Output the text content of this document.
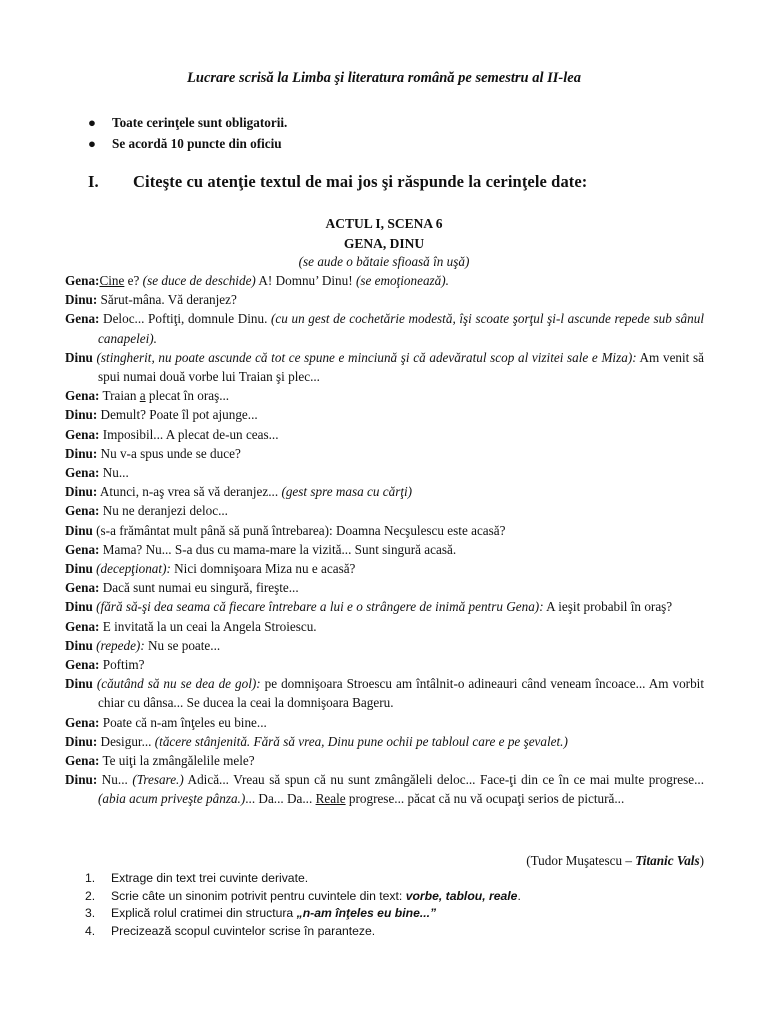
Lucrare scrisă la Limba şi literatura română pe semestru al II-lea
● Toate cerinţele sunt obligatorii.
● Se acordă 10 puncte din oficiu
I. Citeşte cu atenţie textul de mai jos şi răspunde la cerinţele date:
ACTUL I, SCENA 6
GENA, DINU
(se aude o bătaie sfioasă în uşă)

Gena:Cine e? (se duce de deschide) A! Domnu’ Dinu! (se emoţionează).

Dinu: Sărut-mâna. Vă deranjez?

Gena: Deloc... Poftiţi, domnule Dinu. (cu un gest de cochetărie modestă, îşi scoate şorţul şi-l ascunde repede sub sânul canapelei).

Dinu (stingherit, nu poate ascunde că tot ce spune e minciună şi că adevăratul scop al vizitei sale e Miza): Am venit să spui numai două vorbe lui Traian şi plec...

Gena: Traian a plecat în oraş...

Dinu: Demult? Poate îl pot ajunge...

Gena: Imposibil... A plecat de-un ceas...

Dinu: Nu v-a spus unde se duce?

Gena: Nu...

Dinu: Atunci, n-aş vrea să vă deranjez... (gest spre masa cu cărţi)

Gena: Nu ne deranjezi deloc...

Dinu (s-a frământat mult până să pună întrebarea): Doamna Necşulescu este acasă?

Gena: Mama? Nu... S-a dus cu mama-mare la vizită... Sunt singură acasă.

Dinu (decepţionat): Nici domnişoara Miza nu e acasă?

Gena: Dacă sunt numai eu singură, fireşte...

Dinu (fără să-şi dea seama că fiecare întrebare a lui e o strângere de inimă pentru Gena): A ieşit probabil în oraş?

Gena: E invitată la un ceai la Angela Stroiescu.

Dinu (repede): Nu se poate...

Gena: Poftim?

Dinu (căutând să nu se dea de gol): pe domnişoara Stroescu am întâlnit-o adineauri când veneam încoace... Am vorbit chiar cu dânsa... Se ducea la ceai la domnişoara Bageru.

Gena: Poate că n-am înţeles eu bine...

Dinu: Desigur... (tăcere stânjenită. Fără să vrea, Dinu pune ochii pe tabloul care e pe şevalet.)

Gena: Te uiţi la zmângălelile mele?

Dinu: Nu... (Tresare.) Adică... Vreau să spun că nu sunt zmângăleli deloc... Face-ţi din ce în ce mai multe progrese... (abia acum priveşte pânza.)... Da... Da... Reale progrese... păcat că nu vă ocupaţi serios de pictură...

(Tudor Muşatescu – Titanic Vals)
1. Extrage din text trei cuvinte derivate.
2. Scrie câte un sinonim potrivit pentru cuvintele din text: vorbe, tablou, reale.
3. Explică rolul cratimei din structura „n-am înţeles eu bine...”
4. Precizează scopul cuvintelor scrise în paranteze.
